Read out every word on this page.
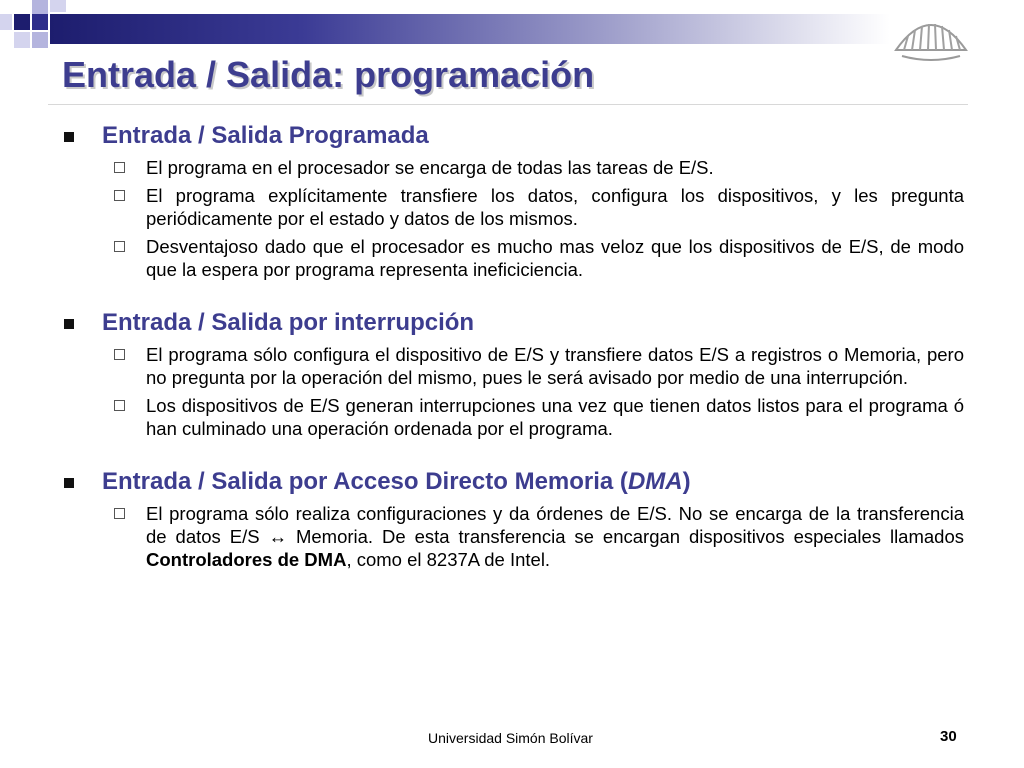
Entrada / Salida: programación
Entrada / Salida Programada
El programa en el procesador se encarga de todas las tareas de E/S.
El programa explícitamente transfiere los datos, configura los dispositivos, y les pregunta periódicamente por el estado y datos de los mismos.
Desventajoso dado que el procesador es mucho mas veloz que los dispositivos de E/S, de modo que la espera por programa representa ineficiciencia.
Entrada / Salida por interrupción
El programa sólo configura el dispositivo de E/S y transfiere datos E/S a registros o Memoria, pero no pregunta por la operación del mismo, pues le será avisado por medio de una interrupción.
Los dispositivos de E/S generan interrupciones una vez que tienen datos listos para el programa ó han culminado una operación ordenada por el programa.
Entrada / Salida por Acceso Directo Memoria (DMA)
El programa sólo realiza configuraciones y da órdenes de E/S. No se encarga de la transferencia de datos E/S ↔ Memoria. De esta transferencia se encargan dispositivos especiales llamados Controladores de DMA, como el 8237A de Intel.
Universidad Simón Bolívar	30
